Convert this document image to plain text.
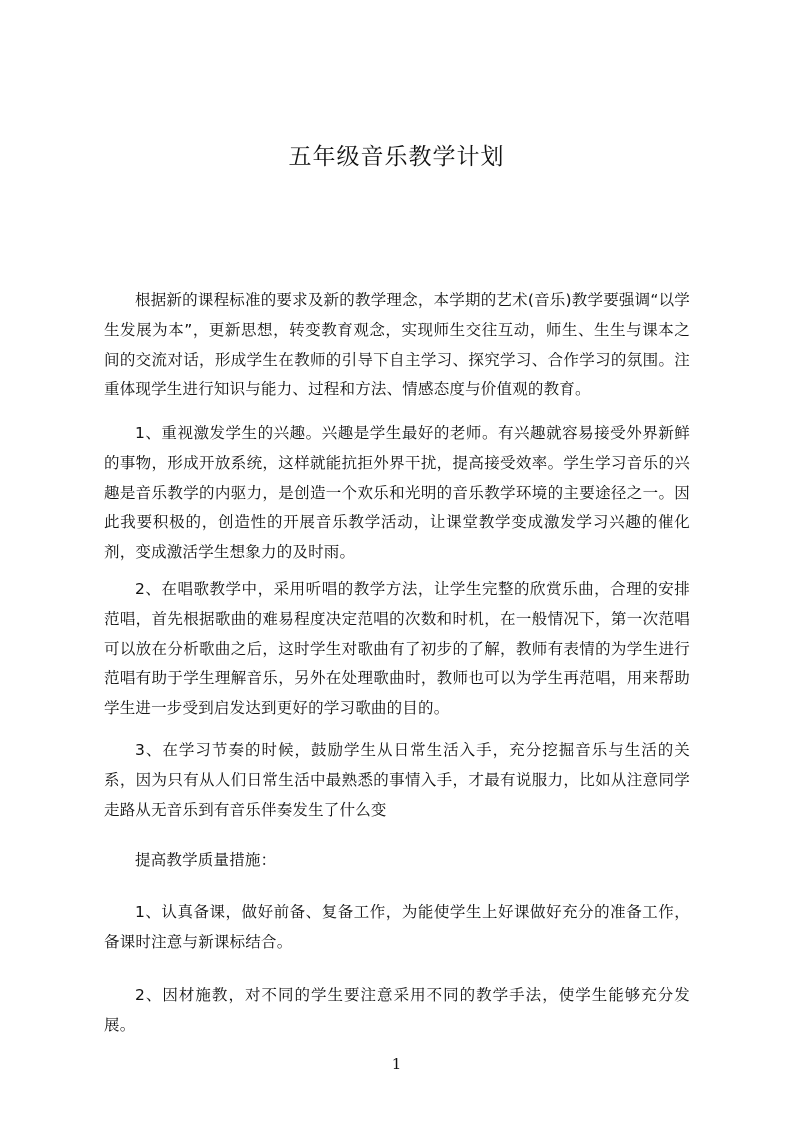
五年级音乐教学计划

根据新的课程标准的要求及新的教学理念，本学期的艺术(音乐)教学要强调“以学生发展为本”，更新思想，转变教育观念，实现师生交往互动，师生、生生与课本之间的交流对话，形成学生在教师的引导下自主学习、探究学习、合作学习的氛围。注重体现学生进行知识与能力、过程和方法、情感态度与价值观的教育。

1、重视激发学生的兴趣。兴趣是学生最好的老师。有兴趣就容易接受外界新鲜的事物，形成开放系统，这样就能抗拒外界干扰，提高接受效率。学生学习音乐的兴趣是音乐教学的内驱力，是创造一个欢乐和光明的音乐教学环境的主要途径之一。因此我要积极的，创造性的开展音乐教学活动，让课堂教学变成激发学习兴趣的催化剂，变成激活学生想象力的及时雨。

2、在唱歌教学中，采用听唱的教学方法，让学生完整的欣赏乐曲，合理的安排范唱，首先根据歌曲的难易程度决定范唱的次数和时机，在一般情况下，第一次范唱可以放在分析歌曲之后，这时学生对歌曲有了初步的了解，教师有表情的为学生进行范唱有助于学生理解音乐，另外在处理歌曲时，教师也可以为学生再范唱，用来帮助学生进一步受到启发达到更好的学习歌曲的目的。

3、在学习节奏的时候，鼓励学生从日常生活入手，充分挖掘音乐与生活的关系，因为只有从人们日常生活中最熟悉的事情入手，才最有说服力，比如从注意同学走路从无音乐到有音乐伴奏发生了什么变

提高教学质量措施：

1、认真备课，做好前备、复备工作，为能使学生上好课做好充分的准备工作，备课时注意与新课标结合。

2、因材施教，对不同的学生要注意采用不同的教学手法，使学生能够充分发展。

1
